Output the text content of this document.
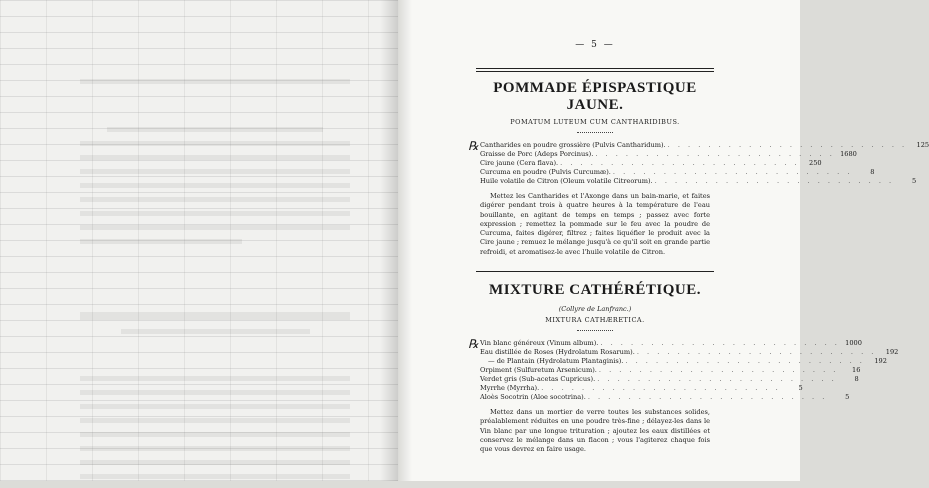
— 5 —
POMMADE ÉPISPASTIQUE JAUNE.
POMATUM LUTEUM CUM CANTHARIDIBUS.
℞ Cantharides en poudre grossière (Pulvis Cantharidum). . . . . . . . . . . . . . . . . . . . . . . . .	125
Graisse de Porc (Adeps Porcinus). . . . . . . . . . . . . . . . . . . . . . . . . 1680
Cire jaune (Cera flava). . . . . . . . . . . . . . . . . . . . . . . . .	250
Curcuma en poudre (Pulvis Curcumæ). . . . . . . . . . . . . . . . . . . . . . . . .	8
Huile volatile de Citron (Oleum volatile Citreorum). . . . . . . . . . . . . . . . . . . . . . . . .	5

Mettez les Cantharides et l'Axonge dans un bain-marie, et faites digérer pendant trois à quatre heures à la température de l'eau bouillante, en agitant de temps en temps ; passez avec forte expression ; remettez la pommade sur le feu avec la poudre de Curcuma, faites digérer, filtrez ; faites liquéfier le produit avec la Cire jaune ; remuez le mélange jusqu'à ce qu'il soit en grande partie refroidi, et aromatisez-le avec l'huile volatile de Citron.

MIXTURE CATHÉRÉTIQUE.
(Collyre de Lanfranc.)
MIXTURA CATHÆRETICA.
℞ Vin blanc généreux (Vinum album). . . . . . . . . . . . . . . . . . . . . . . . . 1000
Eau distillée de Roses (Hydrolatum Rosarum). . . . . . . . . . . . . . . . . . . . . . . . .	192
— de Plantain (Hydrolatum Plantaginis). . . . . . . . . . . . . . . . . . . . . . . . .	192
Orpiment (Sulfuretum Arsenicum). . . . . . . . . . . . . . . . . . . . . . . . .	16
Verdet gris (Sub-acetas Cupricus). . . . . . . . . . . . . . . . . . . . . . . . .	8
Myrrhe (Myrrha). . . . . . . . . . . . . . . . . . . . . . . . .	5
Aloès Socotrin (Aloe socotrina). . . . . . . . . . . . . . . . . . . . . . . . .	5

Mettez dans un mortier de verre toutes les substances solides, préalablement réduites en une poudre très-fine ; délayez-les dans le Vin blanc par une longue trituration ; ajoutez les eaux distillées et conservez le mélange dans un flacon ; vous l'agiterez chaque fois que vous devrez en faire usage.
